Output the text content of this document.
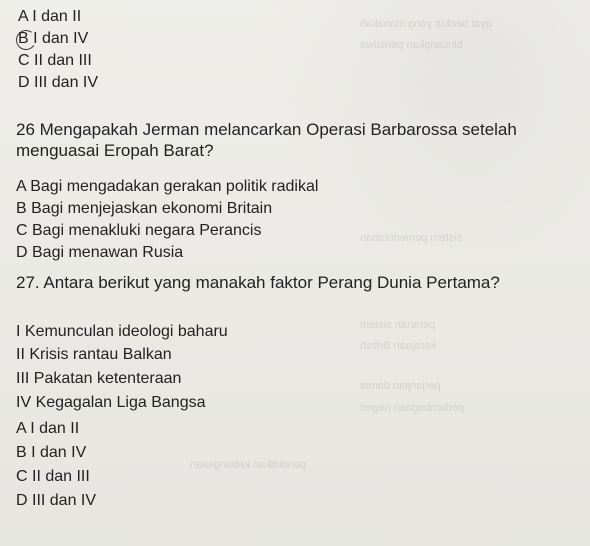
ayat berikut yang manakah
bincangkan peristiwa
sistem pemerintahan
peranan sistem
kerajaan British
perjanjian damai
perlembagaan negeri
pendidikan kebangsaan
A I dan II
B I dan IV
C II dan III
D III dan IV
26 Mengapakah Jerman melancarkan Operasi Barbarossa setelah
menguasai Eropah Barat?
A Bagi mengadakan gerakan politik radikal
B Bagi menjejaskan ekonomi Britain
C Bagi menakluki negara Perancis
D Bagi menawan Rusia
27. Antara berikut yang manakah faktor Perang Dunia Pertama?
I Kemunculan ideologi baharu
II Krisis rantau Balkan
III Pakatan ketenteraan
IV Kegagalan Liga Bangsa
A I dan II
B I dan IV
C II dan III
D III dan IV
